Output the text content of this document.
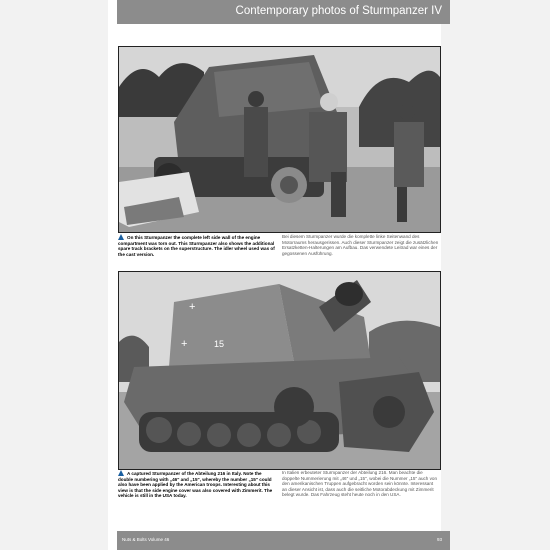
Contemporary photos of Sturmpanzer IV
On this Sturmpanzer the complete left side wall of the engine compartment was torn out. This Sturmpanzer also shows the additional spare track brackets on the superstructure. The idler wheel used was of the cast version.
Bei diesem Sturmpanzer wurde die komplette linke Seitenwand des Motorraums herausgerissen. Auch dieser Sturmpanzer zeigt die zusätzlichen Ersatzketten-Halterungen am Aufbau. Das verwendete Leitrad war eines der gegossenen Ausführung.
+
+	15
A captured Sturmpanzer of the Abteilung 216 in Italy. Note the double numbering with „46" and „15", whereby the number „15" could also have been applied by the American troops. Interesting about this view is that the side engine cover was also covered with Zimmerit. The vehicle is still in the USA today.
In Italien erbeuteter Sturmpanzer der Abteilung 216. Man beachte die doppelte Nummerierung mit „46" und „15", wobei die Nummer „15" auch von den amerikanischen Truppen aufgebracht worden sein könnte. Interessant an dieser Ansicht ist, dass auch die seitliche Motorabdeckung mit Zimmerit belegt wurde. Das Fahrzeug steht heute noch in den USA.
Nuts & Bolts Volume 46	93
